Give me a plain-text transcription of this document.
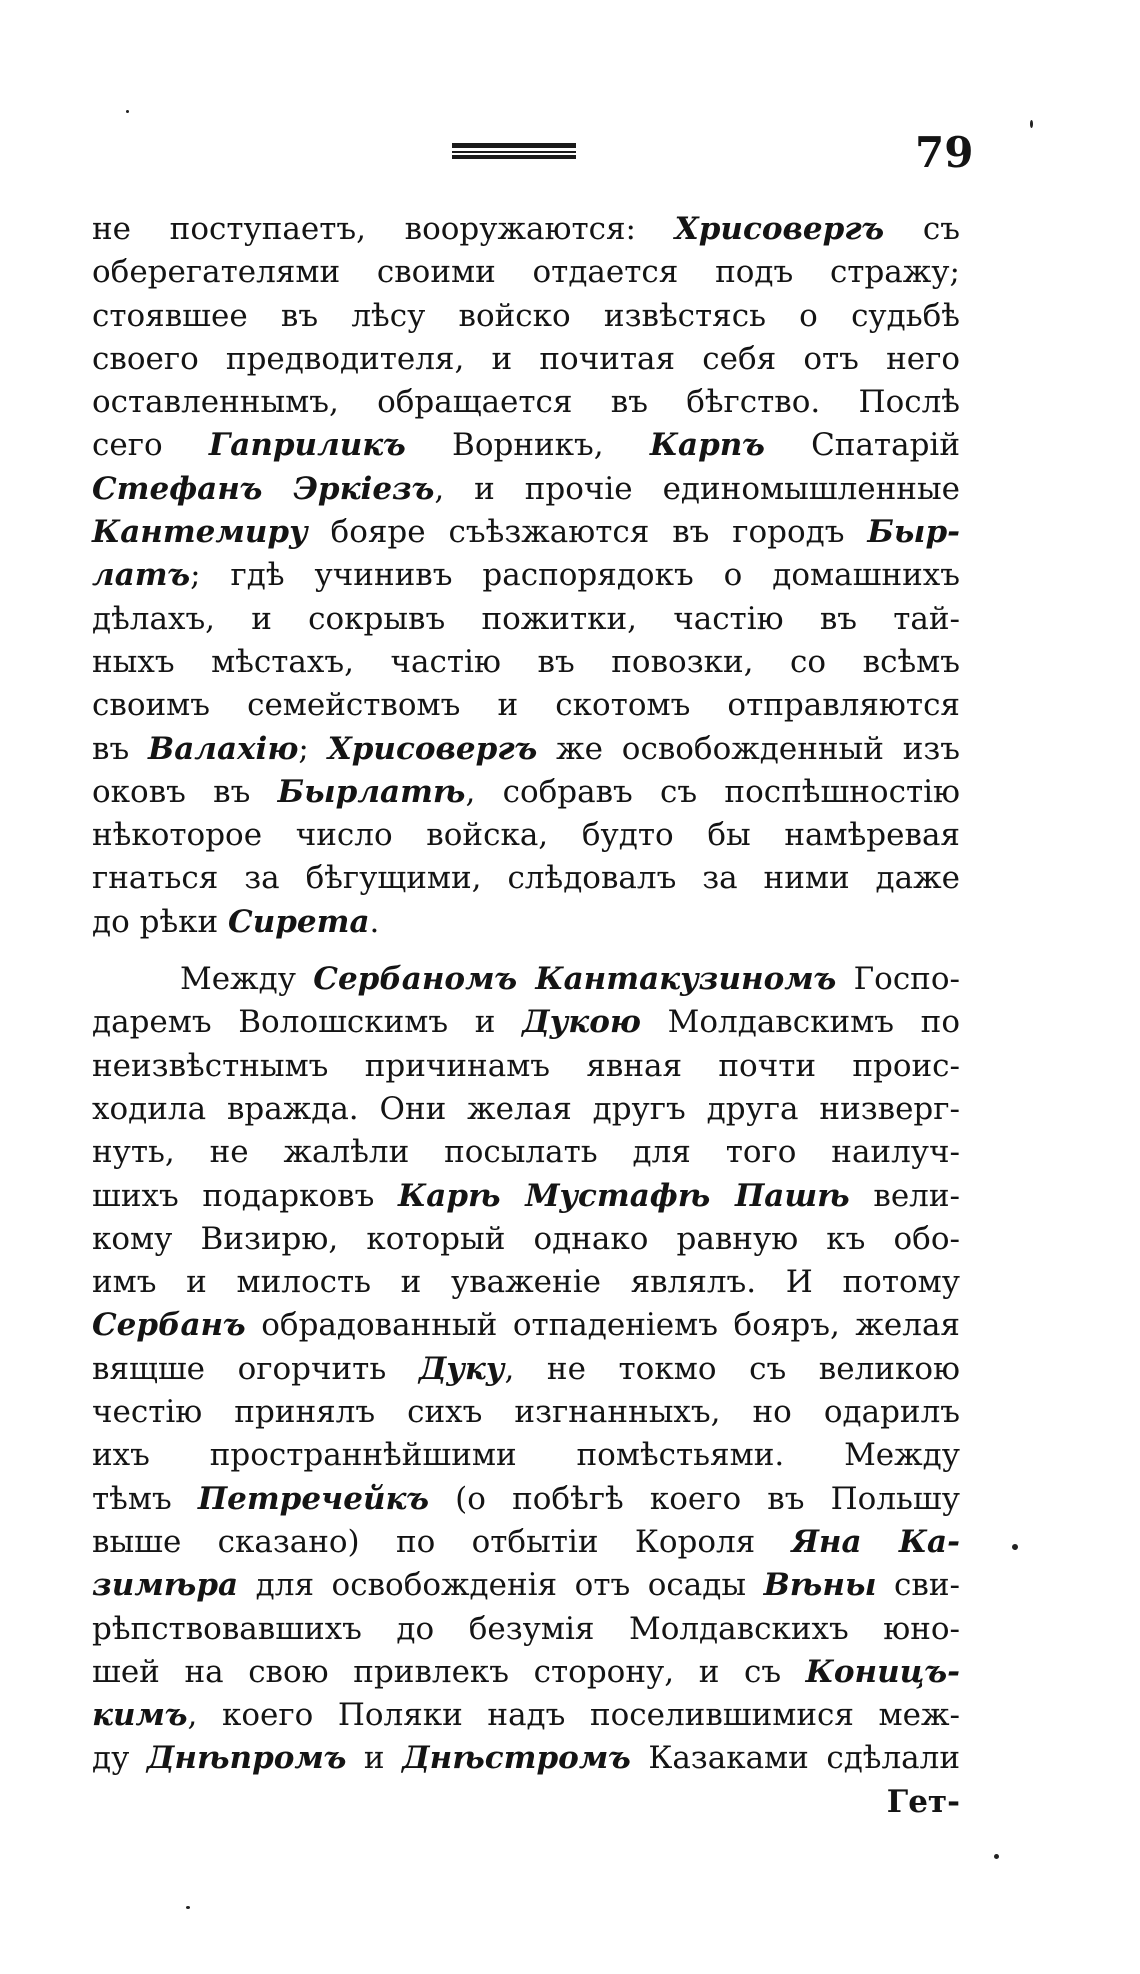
79
не поступаетъ, вооружаются: Хрисовергъ съ
оберегателями своими отдается подъ стражу;
стоявшее въ лѣсу войско извѣстясь о судьбѣ
своего предводителя, и почитая себя отъ него
оставленнымъ, обращается въ бѣгство. Послѣ
сего Гаприликъ Ворникъ, Карпъ Спатарій
Стефанъ Эркіезъ, и прочіе единомышленные
Кантемиру бояре съѣзжаются въ городъ Быр-
латъ; гдѣ учинивъ распорядокъ о домашнихъ
дѣлахъ, и сокрывъ пожитки, частію въ тай-
ныхъ мѣстахъ, частію въ повозки, со всѣмъ
своимъ семействомъ и скотомъ отправляются
въ Валахію; Хрисовергъ же освобожденный изъ
оковъ въ Бырлатѣ, собравъ съ поспѣшностію
нѣкоторое число войска, будто бы намѣревая
гнаться за бѣгущими, слѣдовалъ за ними даже
до рѣки Сирета.
Между Сербаномъ Кантакузиномъ Госпо-
даремъ Волошскимъ и Дукою Молдавскимъ по
неизвѣстнымъ причинамъ явная почти проис-
ходила вражда. Они желая другъ друга низверг-
нуть, не жалѣли посылать для того наилуч-
шихъ подарковъ Карѣ Мустафѣ Пашѣ вели-
кому Визирю, который однако равную къ обо-
имъ и милость и уваженіе являлъ. И потому
Сербанъ обрадованный отпаденіемъ бояръ, желая
вящше огорчить Дуку, не токмо съ великою
честію принялъ сихъ изгнанныхъ, но одарилъ
ихъ пространнѣйшими помѣстьями. Между
тѣмъ Петречейкъ (о побѣгѣ коего въ Польшу
выше сказано) по отбытіи Короля Яна Ка-
зимѣра для освобожденія отъ осады Вѣны сви-
рѣпствовавшихъ до безумія Молдавскихъ юно-
шей на свою привлекъ сторону, и съ Коницъ-
кимъ, коего Поляки надъ поселившимися меж-
ду Днѣпромъ и Днѣстромъ Казаками сдѣлали
Гет-
